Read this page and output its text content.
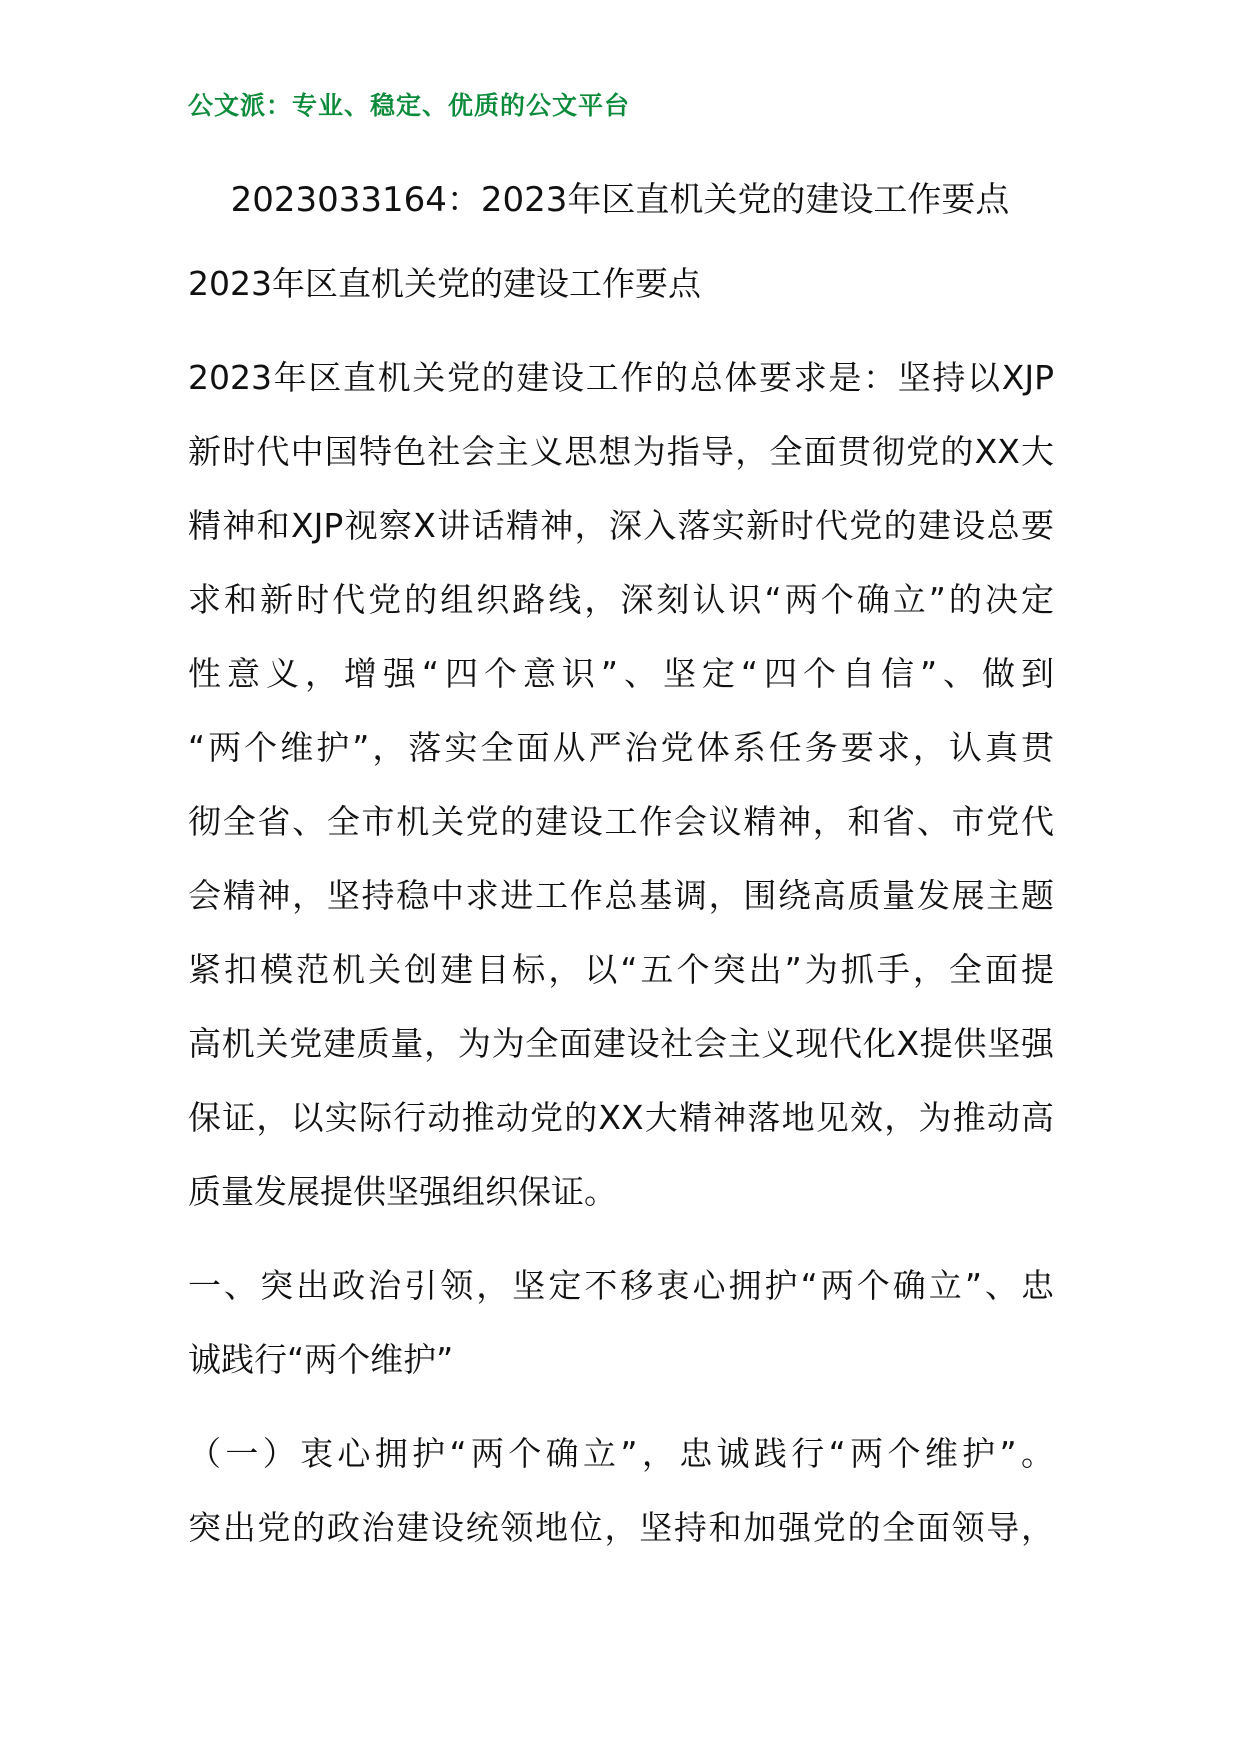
公文派：专业、稳定、优质的公文平台
2023033164：2023年区直机关党的建设工作要点
2023年区直机关党的建设工作要点
2023年区直机关党的建设工作的总体要求是：坚持以XJP
新时代中国特色社会主义思想为指导，全面贯彻党的XX大
精神和XJP视察X讲话精神，深入落实新时代党的建设总要
求和新时代党的组织路线，深刻认识“两个确立”的决定
性意义，增强“四个意识”、坚定“四个自信”、做到
“两个维护”，落实全面从严治党体系任务要求，认真贯
彻全省、全市机关党的建设工作会议精神，和省、市党代
会精神，坚持稳中求进工作总基调，围绕高质量发展主题
紧扣模范机关创建目标，以“五个突出”为抓手，全面提
高机关党建质量，为为全面建设社会主义现代化X提供坚强
保证，以实际行动推动党的XX大精神落地见效，为推动高
质量发展提供坚强组织保证。
一、突出政治引领，坚定不移衷心拥护“两个确立”、忠
诚践行“两个维护”
（一）衷心拥护“两个确立”，忠诚践行“两个维护”。
突出党的政治建设统领地位，坚持和加强党的全面领导，
